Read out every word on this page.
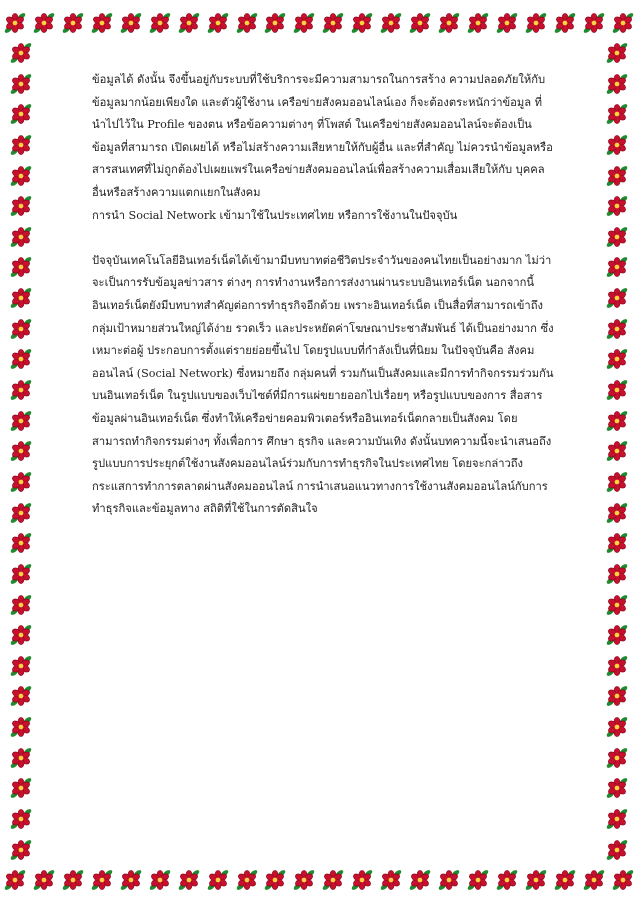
ข้อมูลได้ ดังนั้น จึงขึ้นอยู่กับระบบที่ใช้บริการจะมีความสามารถในการสร้าง ความปลอดภัยให้กับ

ข้อมูลมากน้อยเพียงใด และตัวผู้ใช้งาน เครือข่ายสังคมออนไลน์เอง ก็จะต้องตระหนักว่าข้อมูล ที่

นำไปไว้ใน Profile ของตน หรือข้อความต่างๆ ที่โพสต์ ในเครือข่ายสังคมออนไลน์จะต้องเป็น

ข้อมูลที่สามารถ เปิดเผยได้ หรือไม่สร้างความเสียหายให้กับผู้อื่น และที่สำคัญ ไม่ควรนำข้อมูลหรือ

สารสนเทศที่ไม่ถูกต้องไปเผยแพร่ในเครือข่ายสังคมออนไลน์เพื่อสร้างความเสื่อมเสียให้กับ บุคคล

อื่นหรือสร้างความแตกแยกในสังคม

การนำ Social Network เข้ามาใช้ในประเทศไทย หรือการใช้งานในปัจจุบัน

ปัจจุบันเทคโนโลยีอินเทอร์เน็ตได้เข้ามามีบทบาทต่อชีวิตประจำวันของคนไทยเป็นอย่างมาก ไม่ว่า

จะเป็นการรับข้อมูลข่าวสาร ต่างๆ การทำงานหรือการส่งงานผ่านระบบอินเทอร์เน็ต นอกจากนี้

อินเทอร์เน็ตยังมีบทบาทสำคัญต่อการทำธุรกิจอีกด้วย เพราะอินเทอร์เน็ต เป็นสื่อที่สามารถเข้าถึง

กลุ่มเป้าหมายส่วนใหญ่ได้ง่าย รวดเร็ว และประหยัดค่าโฆษณาประชาสัมพันธ์ ได้เป็นอย่างมาก ซึ่ง

เหมาะต่อผู้ ประกอบการตั้งแต่รายย่อยขึ้นไป โดยรูปแบบที่กำลังเป็นที่นิยม ในปัจจุบันคือ สังคม

ออนไลน์ (Social Network) ซึ่งหมายถึง กลุ่มคนที่ รวมกันเป็นสังคมและมีการทำกิจกรรมร่วมกัน

บนอินเทอร์เน็ต ในรูปแบบของเว็บไซต์ที่มีการแผ่ขยายออกไปเรื่อยๆ หรือรูปแบบของการ สื่อสาร

ข้อมูลผ่านอินเทอร์เน็ต ซึ่งทำให้เครือข่ายคอมพิวเตอร์หรืออินเทอร์เน็ตกลายเป็นสังคม โดย

สามารถทำกิจกรรมต่างๆ ทั้งเพื่อการ ศึกษา ธุรกิจ และความบันเทิง ดังนั้นบทความนี้จะนำเสนอถึง

รูปแบบการประยุกต์ใช้งานสังคมออนไลน์ร่วมกับการทำธุรกิจในประเทศไทย โดยจะกล่าวถึง

กระแสการทำการตลาดผ่านสังคมออนไลน์ การนำเสนอแนวทางการใช้งานสังคมออนไลน์กับการ

ทำธุรกิจและข้อมูลทาง สถิติที่ใช้ในการตัดสินใจ
